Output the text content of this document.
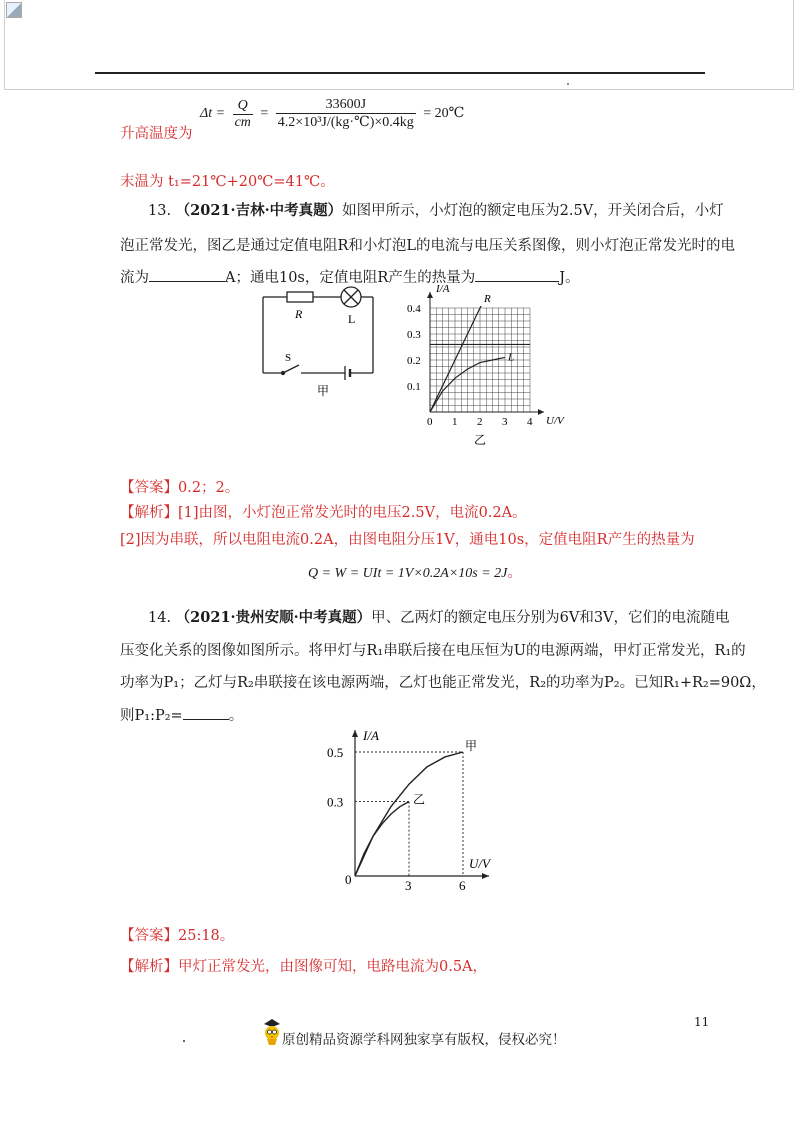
升高温度为
$\Delta t = \frac{Q}{cm} = \frac{33600J}{\text{4.2×10³J/(kg·℃)×0.4kg}}$ = 20℃
末温为 t₁=21℃+20℃=41℃。
13. （2021·吉林·中考真题）如图甲所示，小灯泡的额定电压为2.5V，开关闭合后，小灯
泡正常发光，图乙是通过定值电阻R和小灯泡L的电流与电压关系图像，则小灯泡正常发光时的电
流为	A；通电10s，定值电阻R产生的热量为	J。
R	L
S
甲
0 1 2 3 4
0.1
0.2
0.3
0.4
I/A
U/V
乙
R
L
【答案】0.2；2。
【解析】[1]由图，小灯泡正常发光时的电压2.5V，电流0.2A。
[2]因为串联，所以电阻电流0.2A，由图电阻分压1V，通电10s，定值电阻R产生的热量为
Q = W = UIt = 1V×0.2A×10s = 2J。
14. （2021·贵州安顺·中考真题）甲、乙两灯的额定电压分别为6V和3V，它们的电流随电
压变化关系的图像如图所示。将甲灯与R₁串联后接在电压恒为U的电源两端，甲灯正常发光，R₁的
功率为P₁；乙灯与R₂串联接在该电源两端，乙灯也能正常发光，R₂的功率为P₂。已知R₁+R₂=90Ω，
则P₁:P₂=	。
0	3	6
0.3
0.5
I/A
U/V
甲
乙
【答案】25:18。
【解析】甲灯正常发光，由图像可知，电路电流为0.5A，
11
原创精品资源学科网独家享有版权，侵权必究！
